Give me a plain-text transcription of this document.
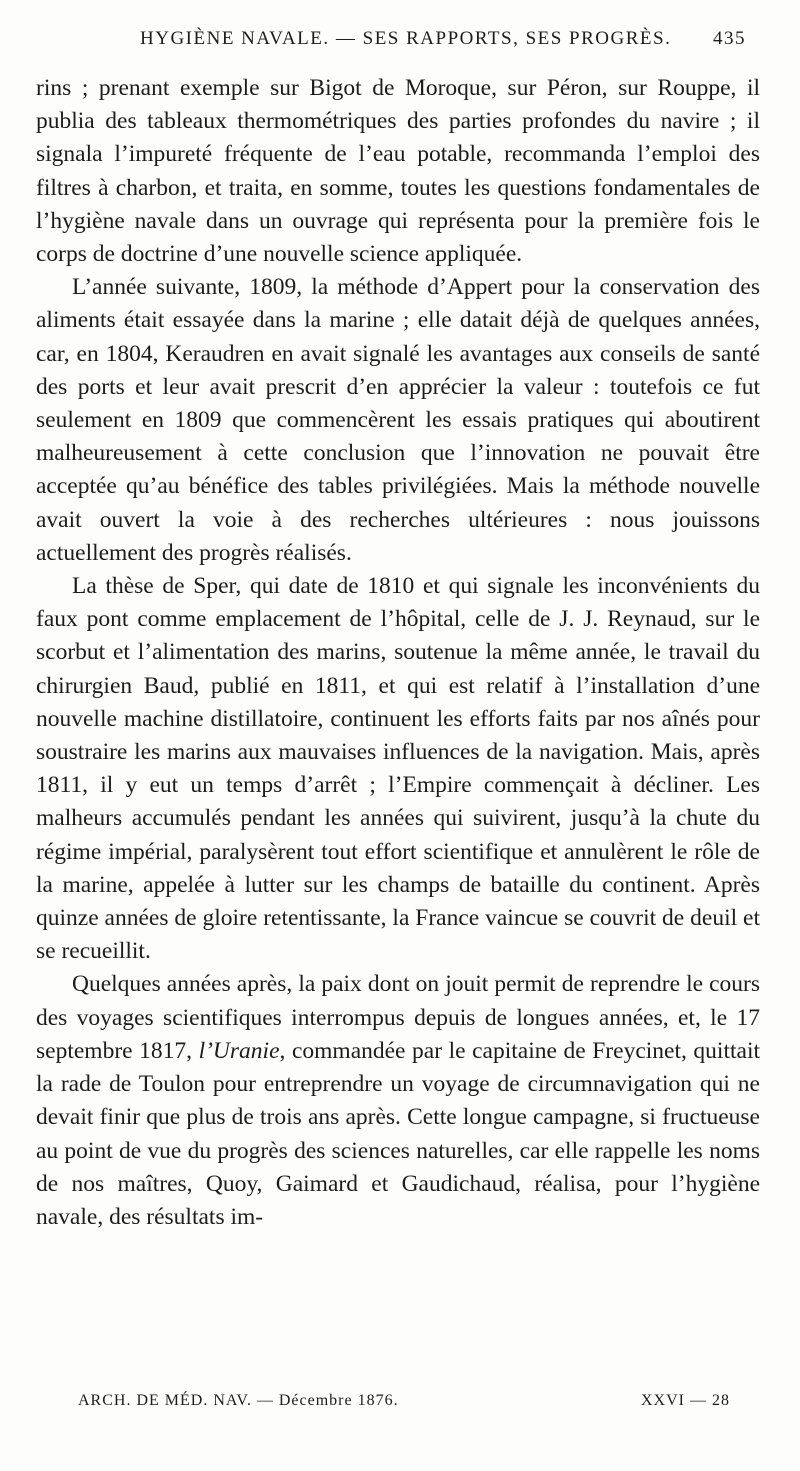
HYGIÈNE NAVALE. — SES RAPPORTS, SES PROGRÈS. 435

rins ; prenant exemple sur Bigot de Moroque, sur Péron, sur Rouppe, il publia des tableaux thermométriques des parties profondes du navire ; il signala l’impureté fréquente de l’eau potable, recommanda l’emploi des filtres à charbon, et traita, en somme, toutes les questions fondamentales de l’hygiène navale dans un ouvrage qui représenta pour la première fois le corps de doctrine d’une nouvelle science appliquée.

L’année suivante, 1809, la méthode d’Appert pour la conservation des aliments était essayée dans la marine ; elle datait déjà de quelques années, car, en 1804, Keraudren en avait signalé les avantages aux conseils de santé des ports et leur avait prescrit d’en apprécier la valeur : toutefois ce fut seulement en 1809 que commencèrent les essais pratiques qui aboutirent malheureusement à cette conclusion que l’innovation ne pouvait être acceptée qu’au bénéfice des tables privilégiées. Mais la méthode nouvelle avait ouvert la voie à des recherches ultérieures : nous jouissons actuellement des progrès réalisés.

La thèse de Sper, qui date de 1810 et qui signale les inconvénients du faux pont comme emplacement de l’hôpital, celle de J. J. Reynaud, sur le scorbut et l’alimentation des marins, soutenue la même année, le travail du chirurgien Baud, publié en 1811, et qui est relatif à l’installation d’une nouvelle machine distillatoire, continuent les efforts faits par nos aînés pour soustraire les marins aux mauvaises influences de la navigation. Mais, après 1811, il y eut un temps d’arrêt ; l’Empire commençait à décliner. Les malheurs accumulés pendant les années qui suivirent, jusqu’à la chute du régime impérial, paralysèrent tout effort scientifique et annulèrent le rôle de la marine, appelée à lutter sur les champs de bataille du continent. Après quinze années de gloire retentissante, la France vaincue se couvrit de deuil et se recueillit.

Quelques années après, la paix dont on jouit permit de reprendre le cours des voyages scientifiques interrompus depuis de longues années, et, le 17 septembre 1817, l’Uranie, commandée par le capitaine de Freycinet, quittait la rade de Toulon pour entreprendre un voyage de circumnavigation qui ne devait finir que plus de trois ans après. Cette longue campagne, si fructueuse au point de vue du progrès des sciences naturelles, car elle rappelle les noms de nos maîtres, Quoy, Gaimard et Gaudichaud, réalisa, pour l’hygiène navale, des résultats im-

ARCH. DE MÉD. NAV. — Décembre 1876.	XXVI — 28
